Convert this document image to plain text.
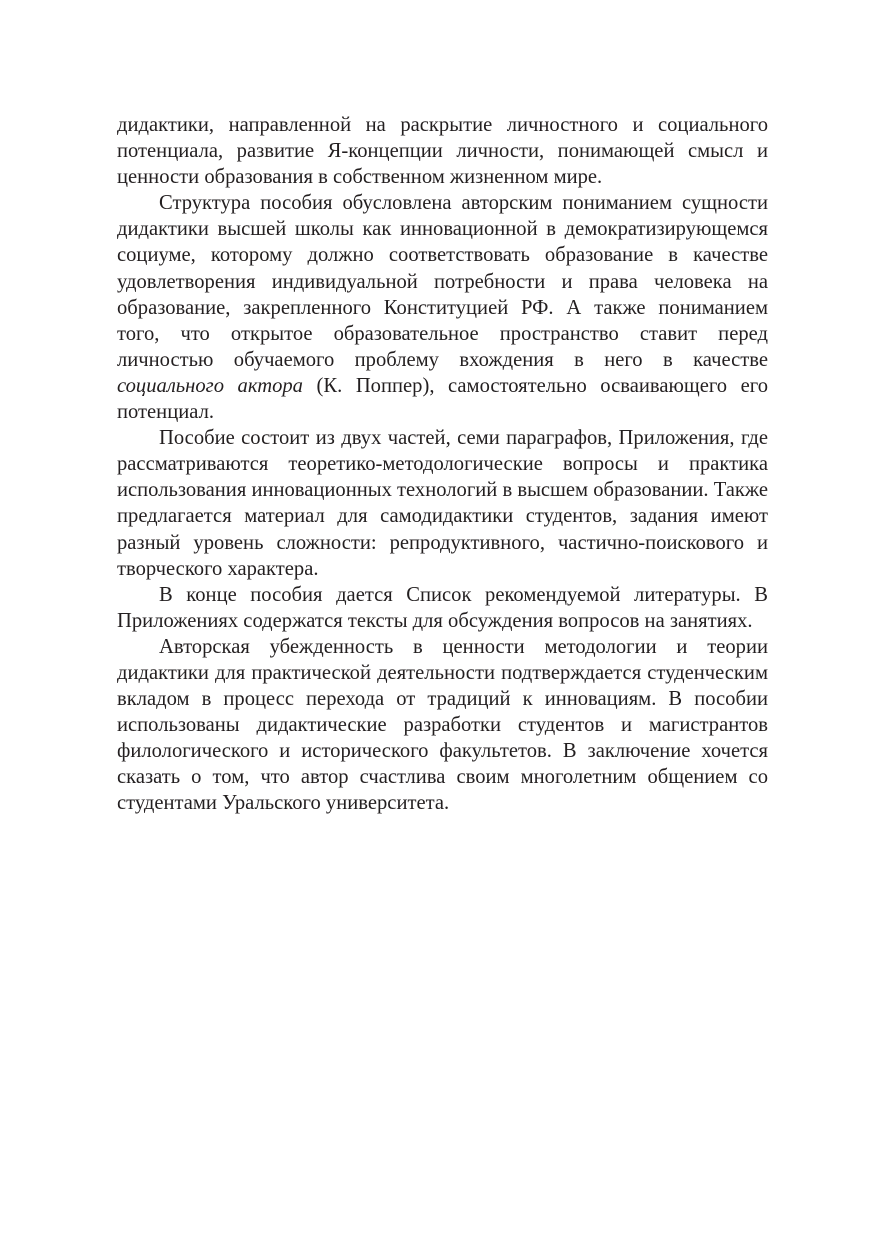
дидактики, направленной на раскрытие личностного и социального потенциала, развитие Я-концепции личности, понимающей смысл и ценности образования в собственном жизненном мире.

Структура пособия обусловлена авторским пониманием сущности дидактики высшей школы как инновационной в демократизирующемся социуме, которому должно соответствовать образование в качестве удовлетворения индивидуальной потребности и права человека на образование, закрепленного Конституцией РФ. А также пониманием того, что открытое образовательное пространство ставит перед личностью обучаемого проблему вхождения в него в качестве социального актора (К. Поппер), самостоятельно осваивающего его потенциал.

Пособие состоит из двух частей, семи параграфов, Приложения, где рассматриваются теоретико-методологические вопросы и практика использования инновационных технологий в высшем образовании. Также предлагается материал для самодидактики студентов, задания имеют разный уровень сложности: репродуктивного, частично-поискового и творческого характера.

В конце пособия дается Список рекомендуемой литературы. В Приложениях содержатся тексты для обсуждения вопросов на занятиях.

Авторская убежденность в ценности методологии и теории дидактики для практической деятельности подтверждается студенческим вкладом в процесс перехода от традиций к инновациям. В пособии использованы дидактические разработки студентов и магистрантов филологического и исторического факультетов. В заключение хочется сказать о том, что автор счастлива своим многолетним общением со студентами Уральского университета.
